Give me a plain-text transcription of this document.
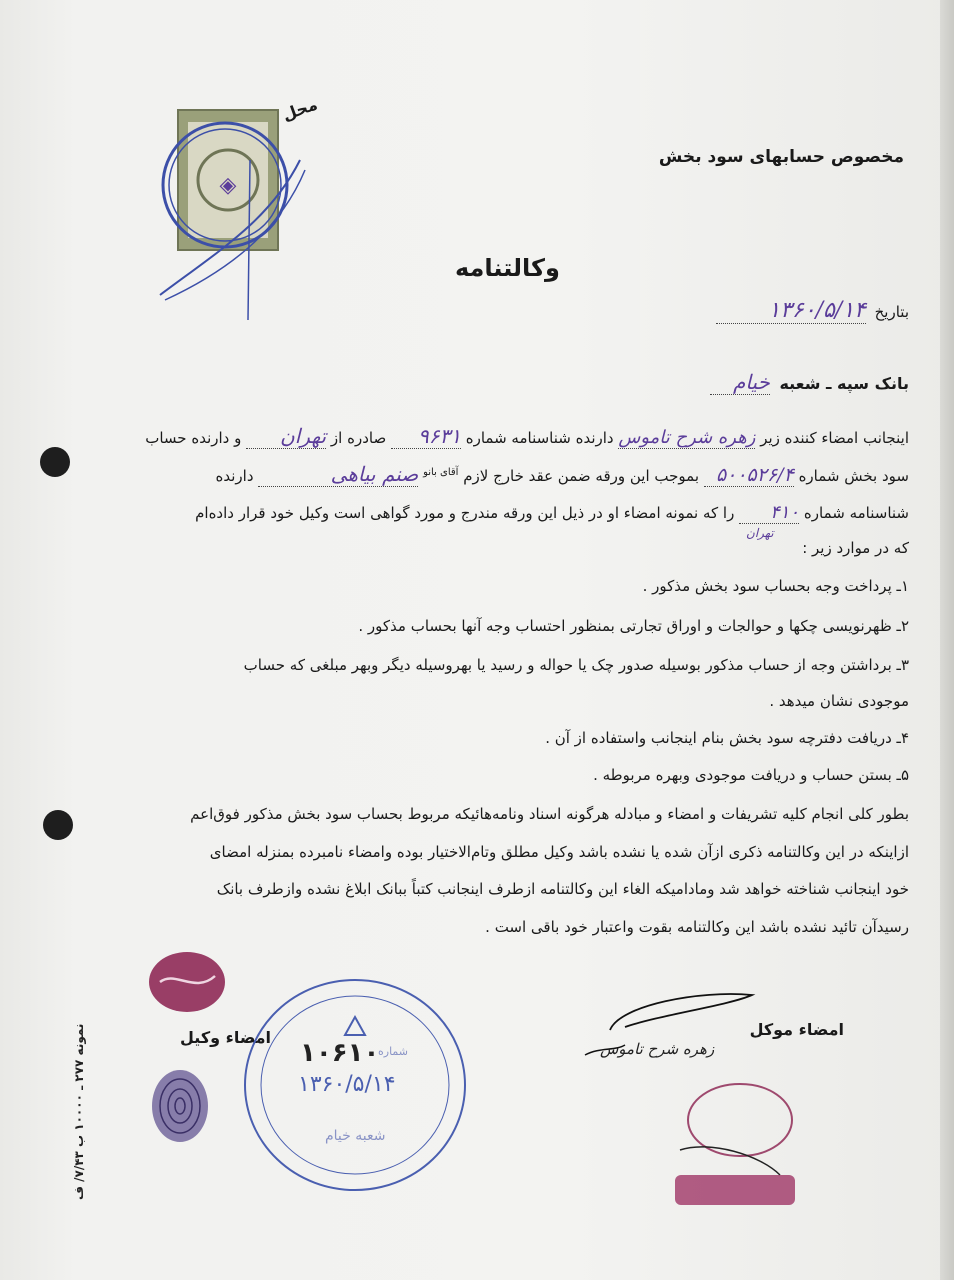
◈
محل
مخصوص حسابهای سود بخش
وکالتنامه
بتاریخ ۱۳۶۰/۵/۱۴
بانک سپه ـ شعبه خیام
اینجانب امضاء کننده زیر زهره شرح تاموس دارنده شناسنامه شماره ۹۶۳۱ صادره از تهران و دارنده حساب
سود بخش شماره ۵۰۰۵۲۶/۴ بموجب این ورقه ضمن عقد خارج لازم $^{آقای بانو}$ صنم بیاهی دارنده
شناسنامه شماره ۴۱۰ را که نمونه امضاء او در ذیل این ورقه مندرج و مورد گواهی است وکیل خود قرار داده‌ام
تهران
که در موارد زیر :
۱ـ پرداخت وجه بحساب سود بخش مذکور .
۲ـ ظهرنویسی چکها و حوالجات و اوراق تجارتی بمنظور احتساب وجه آنها بحساب مذکور .
۳ـ برداشتن وجه از حساب مذکور بوسیله صدور چک یا حواله و رسید یا بهروسیله دیگر وبهر مبلغی که حساب
موجودی نشان میدهد .
۴ـ دریافت دفترچه سود بخش بنام اینجانب واستفاده از آن .
۵ـ بستن حساب و دریافت موجودی وبهره مربوطه .
بطور کلی انجام کلیه تشریفات و امضاء و مبادله هرگونه اسناد ونامه‌هائیکه مربوط بحساب سود بخش مذکور فوق‌اعم
ازاینکه در این وکالتنامه ذکری ازآن شده یا نشده باشد وکیل مطلق وتام‌الاختیار بوده وامضاء نامبرده بمنزله امضای
خود اینجانب شناخته خواهد شد ومادامیکه الغاء این وکالتنامه ازطرف اینجانب کتباً ببانک ابلاغ نشده وازطرف بانک
رسیدآن تائید نشده باشد این وکالتنامه بقوت واعتبار خود باقی است .
امضاء موکل
زهره شرح تاموس
امضاء وکیل
شماره
۱۰۶۱۰
۱۳۶۰/۵/۱۴
شعبه خیام
نمونه ۲۷۷ ـ ۱۰۰۰۰ ب ۷/۴۳/ ف
